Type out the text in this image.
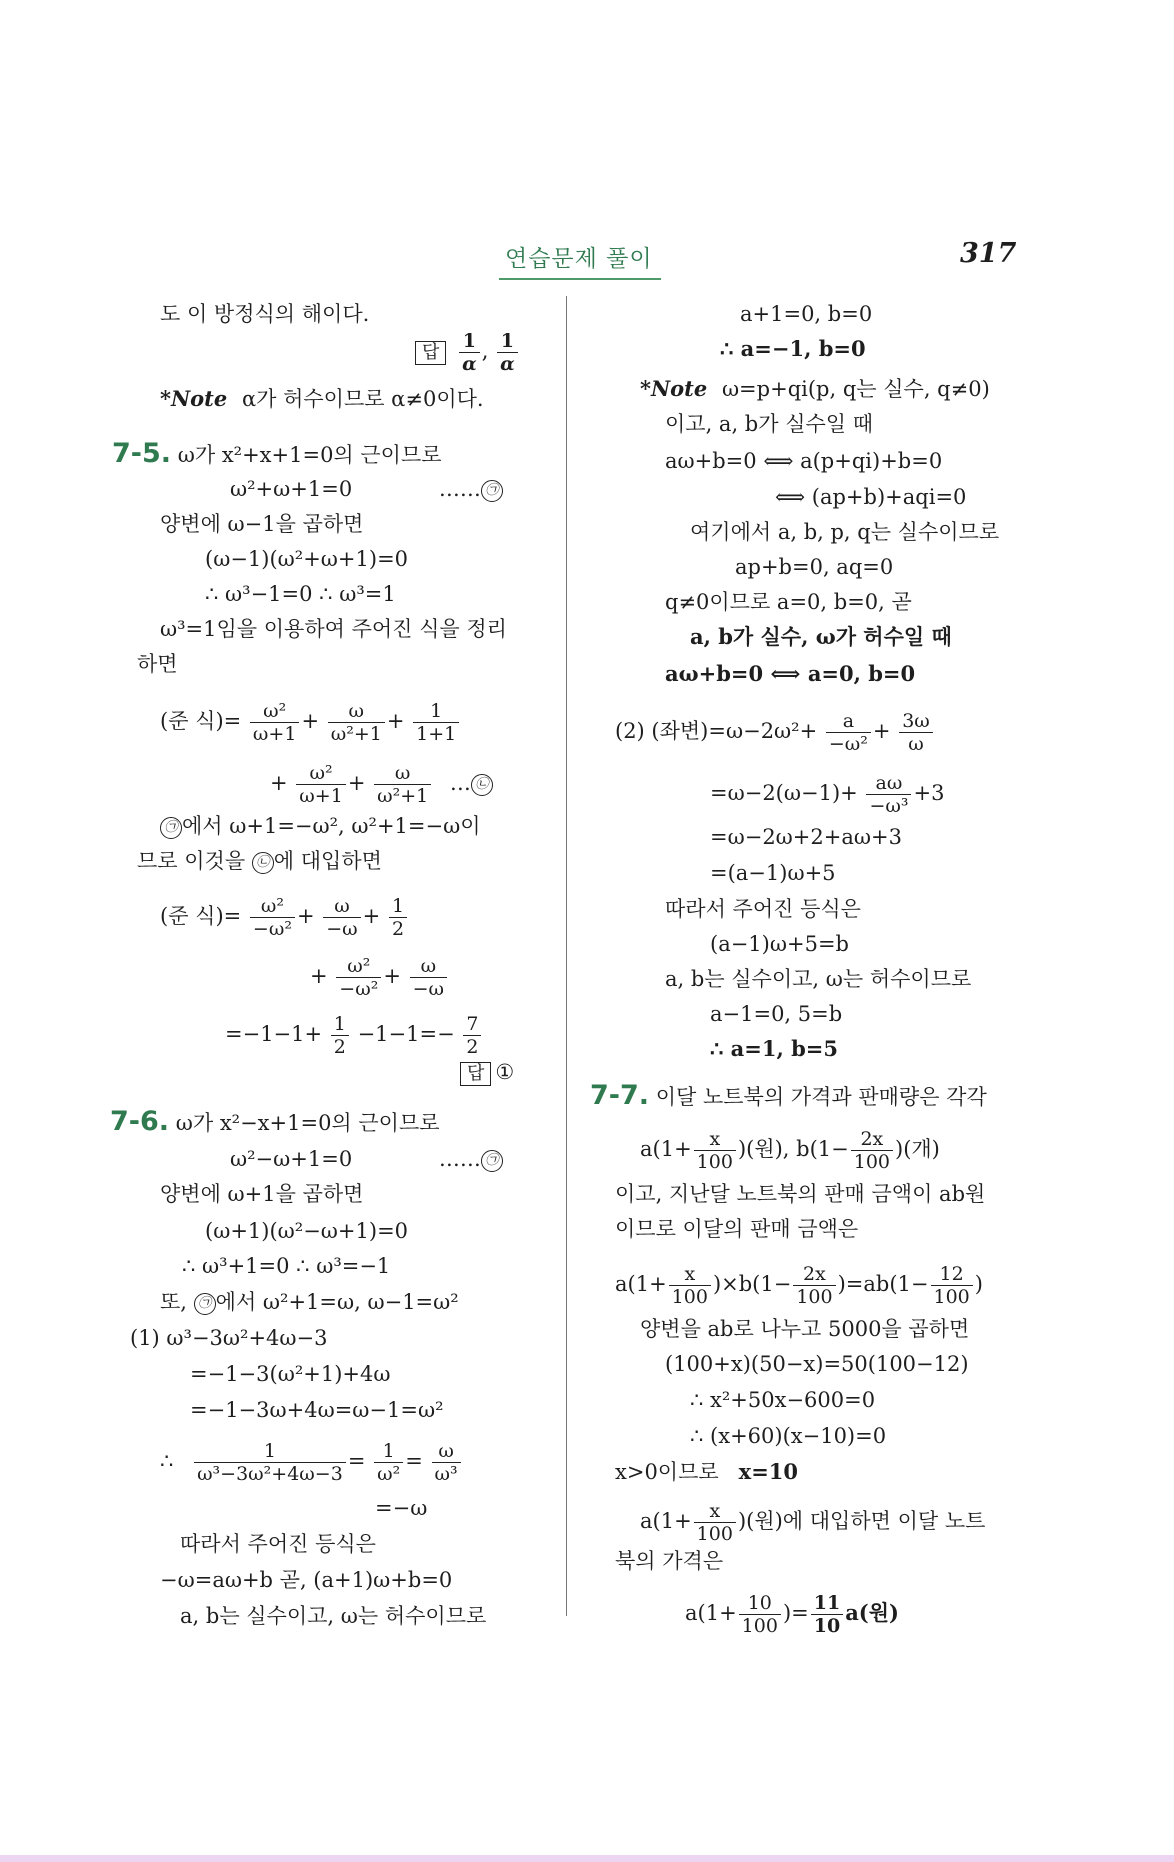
연습문제 풀이	317
도 이 방정식의 해이다.
답 $\frac{1}{\alpha}$ , $\frac{1}{\alpha}$
*Note α가 허수이므로 α≠0이다.
7-5. ω가 x²+x+1=0의 근이므로
ω²+ω+1=0	…… ㉠
양변에 ω−1을 곱하면
(ω−1)(ω²+ω+1)=0
∴ ω³−1=0 ∴ ω³=1
ω³=1임을 이용하여 주어진 식을 정리
하면
(준 식)= $\frac{\text{ω²}}{\omega+1} + \frac{\omega}{\text{ω²+1}} + \frac{1}{1+1}$
+ $\frac{\text{ω²}}{\omega+1} + \frac{\omega}{\text{ω²+1}}$ … ㉡
㉠ 에서 ω+1=−ω², ω²+1=−ω이
므로 이것을 ㉡ 에 대입하면
(준 식)= $\frac{\text{ω²}}{\text{−ω²}} + \frac{\omega}{-\omega} + \frac{1}{2}$
+ $\frac{\text{ω²}}{\text{−ω²}} + \frac{\omega}{-\omega}$
$=-1-1+ \frac{1}{2} -1-1=- \frac{7}{2}$
답 ①
7-6. ω가 x²−x+1=0의 근이므로
ω²−ω+1=0	…… ㉠
양변에 ω+1을 곱하면
(ω+1)(ω²−ω+1)=0
∴ ω³+1=0 ∴ ω³=−1
또, ㉠ 에서 ω²+1=ω, ω−1=ω²
(1) ω³−3ω²+4ω−3
=−1−3(ω²+1)+4ω
=−1−3ω+4ω=ω−1=ω²
∴ $\frac{1}{\text{ω³−3ω²+4ω−3}} = \frac{1}{\text{ω²}} = \frac{\omega}{\text{ω³}}$
=−ω
따라서 주어진 등식은
−ω=aω+b 곧, (a+1)ω+b=0
a, b는 실수이고, ω는 허수이므로
a+1=0, b=0
∴ a=−1, b=0
*Note ω=p+qi(p, q는 실수, q≠0)
이고, a, b가 실수일 때
aω+b=0 ⟺ a(p+qi)+b=0
⟺ (ap+b)+aqi=0
여기에서 a, b, p, q는 실수이므로
ap+b=0, aq=0
q≠0이므로 a=0, b=0, 곧
a, b가 실수, ω가 허수일 때
aω+b=0 ⟺ a=0, b=0
(2) (좌변)$=\omega-2\omega^2+ \frac{a}{\text{−ω²}} + \frac{3\omega}{\omega}$
$=\omega-2(\omega-1)+ \frac{a\omega}{\text{−ω³}} +3$
=ω−2ω+2+aω+3
=(a−1)ω+5
따라서 주어진 등식은
(a−1)ω+5=b
a, b는 실수이고, ω는 허수이므로
a−1=0, 5=b
∴ a=1, b=5
7-7. 이달 노트북의 가격과 판매량은 각각
$a(1+ \frac{x}{100}$ )(원), $b(1- \frac{2x}{100}$ )(개)
이고, 지난달 노트북의 판매 금액이 ab원
이므로 이달의 판매 금액은
$a(1+ \frac{x}{100} )\times b(1- \frac{2x}{100} )=ab(1- \frac{12}{100}$ )
양변을 ab로 나누고 5000을 곱하면
(100+x)(50−x)=50(100−12)
∴ x²+50x−600=0
∴ (x+60)(x−10)=0
x>0이므로 x=10
$a(1+ \frac{x}{100}$ )(원)에 대입하면 이달 노트
북의 가격은
$a(1+ \frac{10}{100}$ )= $\frac{11}{10} a$(원)
